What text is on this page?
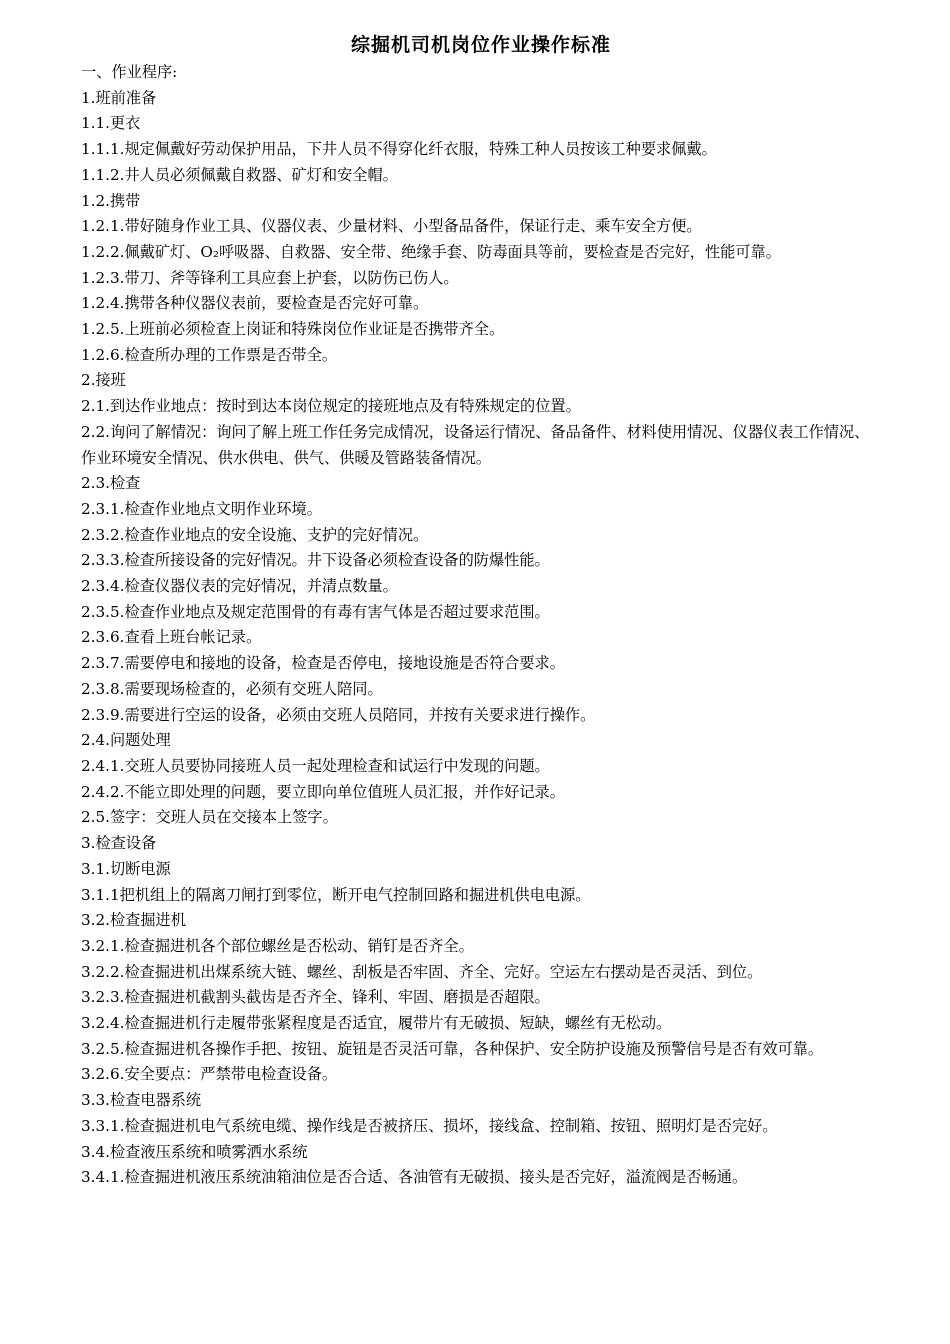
综掘机司机岗位作业操作标准

一、作业程序:

1.班前准备

1.1.更衣

1.1.1.规定佩戴好劳动保护用品，下井人员不得穿化纤衣服，特殊工种人员按该工种要求佩戴。

1.1.2.井人员必须佩戴自救器、矿灯和安全帽。

1.2.携带

1.2.1.带好随身作业工具、仪器仪表、少量材料、小型备品备件，保证行走、乘车安全方便。

1.2.2.佩戴矿灯、O₂呼吸器、自救器、安全带、绝缘手套、防毒面具等前，要检查是否完好，性能可靠。

1.2.3.带刀、斧等锋利工具应套上护套，以防伤已伤人。

1.2.4.携带各种仪器仪表前，要检查是否完好可靠。

1.2.5.上班前必须检查上岗证和特殊岗位作业证是否携带齐全。

1.2.6.检查所办理的工作票是否带全。

2.接班

2.1.到达作业地点：按时到达本岗位规定的接班地点及有特殊规定的位置。

2.2.询问了解情况：询问了解上班工作任务完成情况，设备运行情况、备品备件、材料使用情况、仪器仪表工作情况、作业环境安全情况、供水供电、供气、供暖及管路装备情况。

2.3.检查

2.3.1.检查作业地点文明作业环境。

2.3.2.检查作业地点的安全设施、支护的完好情况。

2.3.3.检查所接设备的完好情况。井下设备必须检查设备的防爆性能。

2.3.4.检查仪器仪表的完好情况，并清点数量。

2.3.5.检查作业地点及规定范围骨的有毒有害气体是否超过要求范围。

2.3.6.查看上班台帐记录。

2.3.7.需要停电和接地的设备，检查是否停电，接地设施是否符合要求。

2.3.8.需要现场检查的，必须有交班人陪同。

2.3.9.需要进行空运的设备，必须由交班人员陪同，并按有关要求进行操作。

2.4.问题处理

2.4.1.交班人员要协同接班人员一起处理检查和试运行中发现的问题。

2.4.2.不能立即处理的问题，要立即向单位值班人员汇报，并作好记录。

2.5.签字：交班人员在交接本上签字。

3.检查设备

3.1.切断电源

3.1.1把机组上的隔离刀闸打到零位，断开电气控制回路和掘进机供电电源。

3.2.检查掘进机

3.2.1.检查掘进机各个部位螺丝是否松动、销钉是否齐全。

3.2.2.检查掘进机出煤系统大链、螺丝、刮板是否牢固、齐全、完好。空运左右摆动是否灵活、到位。

3.2.3.检查掘进机截割头截齿是否齐全、锋利、牢固、磨损是否超限。

3.2.4.检查掘进机行走履带张紧程度是否适宜，履带片有无破损、短缺，螺丝有无松动。

3.2.5.检查掘进机各操作手把、按钮、旋钮是否灵活可靠，各种保护、安全防护设施及预警信号是否有效可靠。

3.2.6.安全要点：严禁带电检查设备。

3.3.检查电器系统

3.3.1.检查掘进机电气系统电缆、操作线是否被挤压、损坏，接线盒、控制箱、按钮、照明灯是否完好。

3.4.检查液压系统和喷雾洒水系统

3.4.1.检查掘进机液压系统油箱油位是否合适、各油管有无破损、接头是否完好，溢流阀是否畅通。
